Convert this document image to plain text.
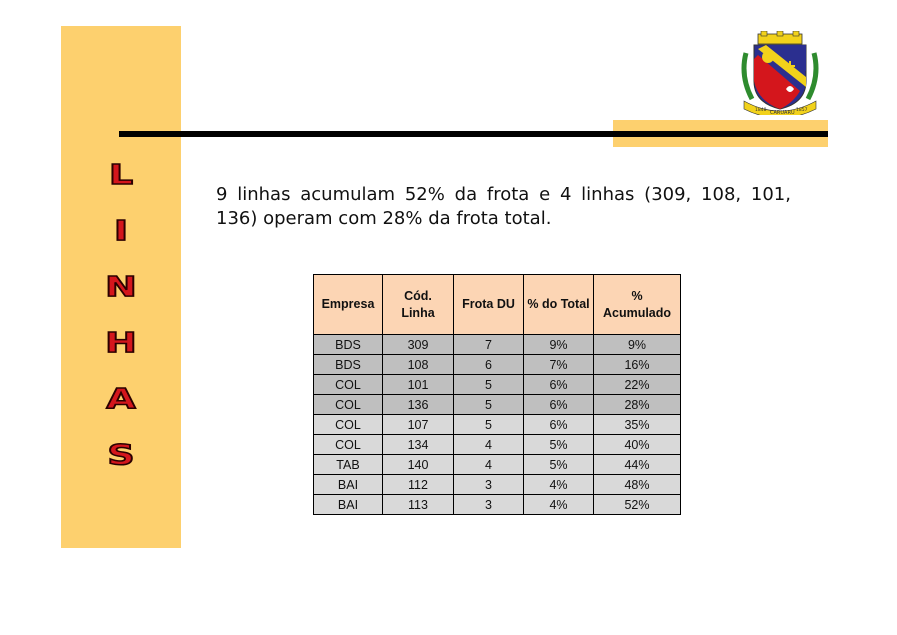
L
I
N
H
A
S
1848 CARUARU 1857
9 linhas acumulam 52% da frota e 4 linhas (309, 108, 101, 136) operam com 28% da frota total.
Empresa	Cód. Linha	Frota DU	% do Total	% Acumulado
BDS	309	7	9%	9%
BDS	108	6	7%	16%
COL	101	5	6%	22%
COL	136	5	6%	28%
COL	107	5	6%	35%
COL	134	4	5%	40%
TAB	140	4	5%	44%
BAI	112	3	4%	48%
BAI	113	3	4%	52%
